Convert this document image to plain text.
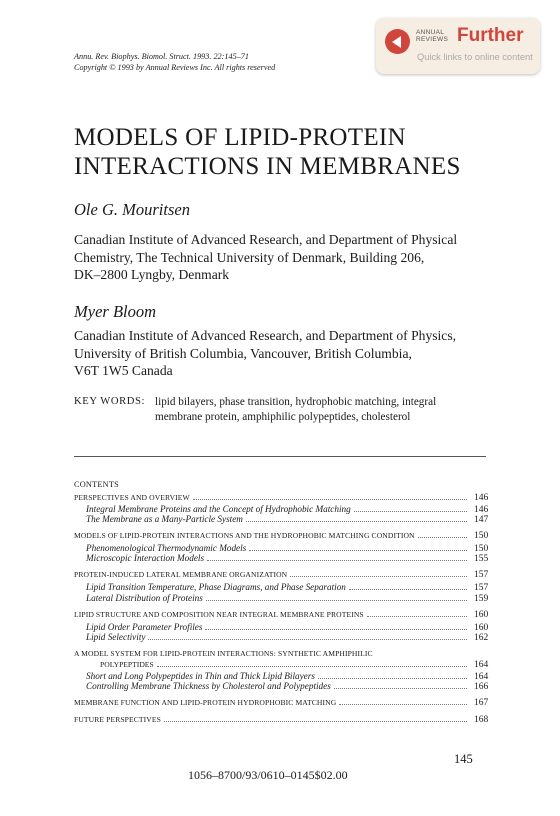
Annu. Rev. Biophys. Biomol. Struct. 1993. 22:145–71
Copyright © 1993 by Annual Reviews Inc. All rights reserved
ANNUAL
REVIEWS Further
Quick links to online content
MODELS OF LIPID-PROTEIN
INTERACTIONS IN MEMBRANES
Ole G. Mouritsen
Canadian Institute of Advanced Research, and Department of Physical
Chemistry, The Technical University of Denmark, Building 206,
DK–2800 Lyngby, Denmark
Myer Bloom
Canadian Institute of Advanced Research, and Department of Physics,
University of British Columbia, Vancouver, British Columbia,
V6T 1W5 Canada
KEY WORDS: lipid bilayers, phase transition, hydrophobic matching, integral
membrane protein, amphiphilic polypeptides, cholesterol
CONTENTS
PERSPECTIVES AND OVERVIEW	146
Integral Membrane Proteins and the Concept of Hydrophobic Matching	146
The Membrane as a Many-Particle System	147
MODELS OF LIPID-PROTEIN INTERACTIONS AND THE HYDROPHOBIC MATCHING CONDITION	150
Phenomenological Thermodynamic Models	150
Microscopic Interaction Models	155
PROTEIN-INDUCED LATERAL MEMBRANE ORGANIZATION	157
Lipid Transition Temperature, Phase Diagrams, and Phase Separation	157
Lateral Distribution of Proteins	159
LIPID STRUCTURE AND COMPOSITION NEAR INTEGRAL MEMBRANE PROTEINS	160
Lipid Order Parameter Profiles	160
Lipid Selectivity	162
A MODEL SYSTEM FOR LIPID-PROTEIN INTERACTIONS: SYNTHETIC AMPHIPHILIC
POLYPEPTIDES	164
Short and Long Polypeptides in Thin and Thick Lipid Bilayers	164
Controlling Membrane Thickness by Cholesterol and Polypeptides	166
MEMBRANE FUNCTION AND LIPID-PROTEIN HYDROPHOBIC MATCHING	167
FUTURE PERSPECTIVES	168
145
1056–8700/93/0610–0145$02.00
